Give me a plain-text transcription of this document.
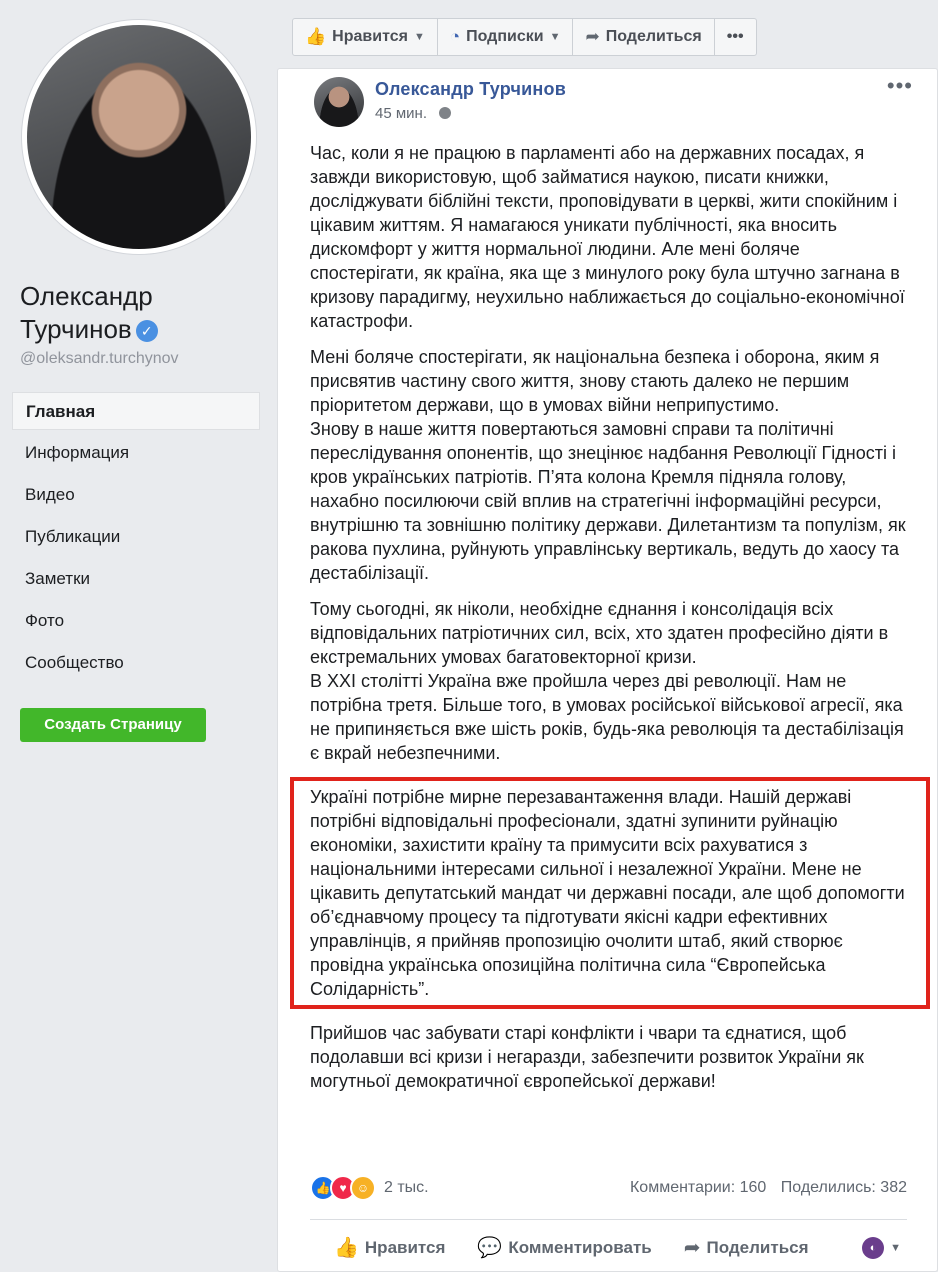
Олександр
Турчинов ✓
@oleksandr.turchynov
Главная
Информация
Видео
Публикации
Заметки
Фото
Сообщество
Создать Страницу
👍 Нравится ▼ ◔ Подписки ▼ ➦ Поделиться •••
Олександр Турчинов
45 мин.
•••

Час, коли я не працюю в парламенті або на державних посадах, я завжди використовую, щоб займатися наукою, писати книжки, досліджувати біблійні тексти, проповідувати в церкві, жити спокійним і цікавим життям. Я намагаюся уникати публічності, яка вносить дискомфорт у життя нормальної людини. Але мені боляче спостерігати, як країна, яка ще з минулого року була штучно загнана в кризову парадигму, неухильно наближається до соціально-економічної катастрофи.

Мені боляче спостерігати, як національна безпека і оборона, яким я присвятив частину свого життя, знову стають далеко не першим пріоритетом держави, що в умовах війни неприпустимо.

Знову в наше життя повертаються замовні справи та політичні переслідування опонентів, що знецінює надбання Революції Гідності і кров українських патріотів. П’ята колона Кремля підняла голову, нахабно посилюючи свій вплив на стратегічні інформаційні ресурси, внутрішню та зовнішню політику держави. Дилетантизм та популізм, як ракова пухлина, руйнують управлінську вертикаль, ведуть до хаосу та дестабілізації.

Тому сьогодні, як ніколи, необхідне єднання і консолідація всіх відповідальних патріотичних сил, всіх, хто здатен професійно діяти в екстремальних умовах багатовекторної кризи.

В XXI столітті Україна вже пройшла через дві революції. Нам не потрібна третя. Більше того, в умовах російської військової агресії, яка не припиняється вже шість років, будь-яка революція та дестабілізація є вкрай небезпечними.

Україні потрібне мирне перезавантаження влади. Нашій державі потрібні відповідальні професіонали, здатні зупинити руйнацію економіки, захистити країну та примусити всіх рахуватися з національними інтересами сильної і незалежної України. Мене не цікавить депутатський мандат чи державні посади, але щоб допомогти об’єднавчому процесу та підготувати якісні кадри ефективних управлінців, я прийняв пропозицію очолити штаб, який створює провідна українська опозиційна політична сила “Європейська Солідарність”.

Прийшов час забувати старі конфлікти і чвари та єднатися, щоб подолавши всі кризи і негаразди, забезпечити розвиток України як могутньої демократичної європейської держави!

👍 ♥ ☺ 2 тыс.	Комментарии: 160 Поделились: 382
👍 Нравится 💬 Комментировать ➦ Поделиться	◐	▼
